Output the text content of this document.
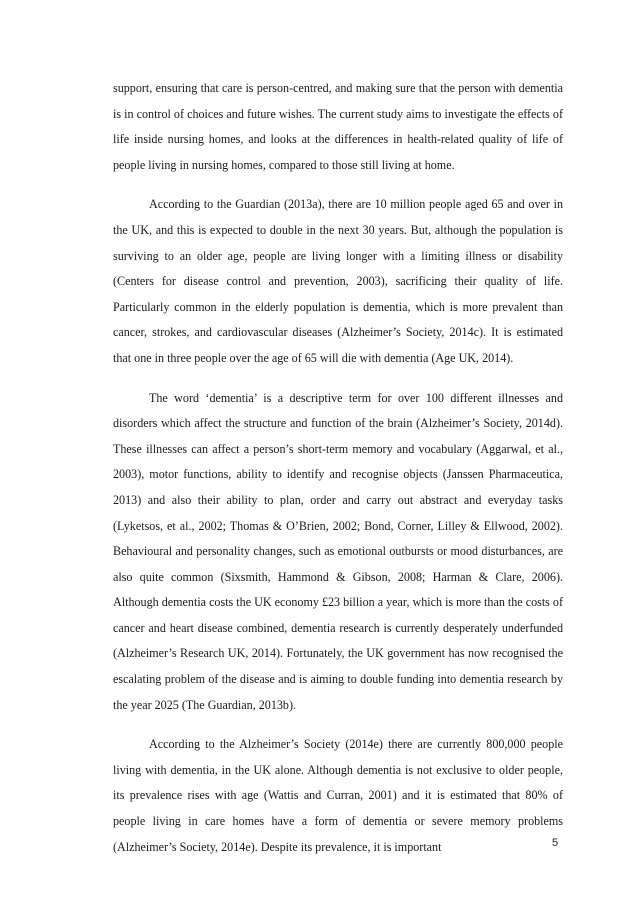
support, ensuring that care is person-centred, and making sure that the person with dementia is in control of choices and future wishes. The current study aims to investigate the effects of life inside nursing homes, and looks at the differences in health-related quality of life of people living in nursing homes, compared to those still living at home.

According to the Guardian (2013a), there are 10 million people aged 65 and over in the UK, and this is expected to double in the next 30 years. But, although the population is surviving to an older age, people are living longer with a limiting illness or disability (Centers for disease control and prevention, 2003), sacrificing their quality of life. Particularly common in the elderly population is dementia, which is more prevalent than cancer, strokes, and cardiovascular diseases (Alzheimer’s Society, 2014c). It is estimated that one in three people over the age of 65 will die with dementia (Age UK, 2014).

The word ‘dementia’ is a descriptive term for over 100 different illnesses and disorders which affect the structure and function of the brain (Alzheimer’s Society, 2014d). These illnesses can affect a person’s short-term memory and vocabulary (Aggarwal, et al., 2003), motor functions, ability to identify and recognise objects (Janssen Pharmaceutica, 2013) and also their ability to plan, order and carry out abstract and everyday tasks (Lyketsos, et al., 2002; Thomas & O’Brien, 2002; Bond, Corner, Lilley & Ellwood, 2002). Behavioural and personality changes, such as emotional outbursts or mood disturbances, are also quite common (Sixsmith, Hammond & Gibson, 2008; Harman & Clare, 2006). Although dementia costs the UK economy £23 billion a year, which is more than the costs of cancer and heart disease combined, dementia research is currently desperately underfunded (Alzheimer’s Research UK, 2014). Fortunately, the UK government has now recognised the escalating problem of the disease and is aiming to double funding into dementia research by the year 2025 (The Guardian, 2013b).

According to the Alzheimer’s Society (2014e) there are currently 800,000 people living with dementia, in the UK alone. Although dementia is not exclusive to older people, its prevalence rises with age (Wattis and Curran, 2001) and it is estimated that 80% of people living in care homes have a form of dementia or severe memory problems (Alzheimer’s Society, 2014e). Despite its prevalence, it is important	5
